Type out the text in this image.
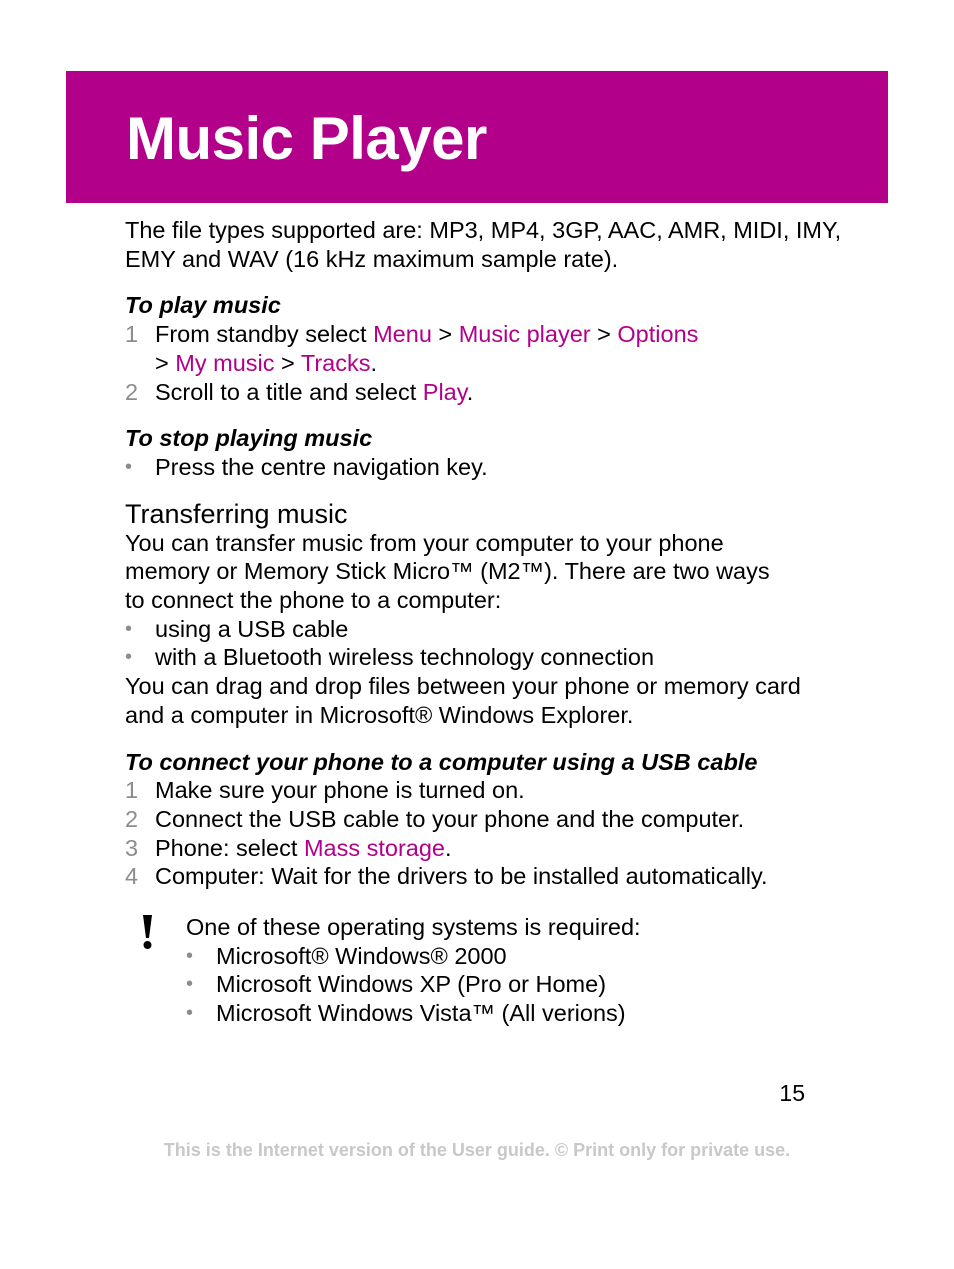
Music Player

The file types supported are: MP3, MP4, 3GP, AAC, AMR, MIDI, IMY, EMY and WAV (16 kHz maximum sample rate).

To play music

1 From standby select Menu > Music player > Options
> My music > Tracks.
2 Scroll to a title and select Play.

To stop playing music

• Press the centre navigation key.

Transferring music

You can transfer music from your computer to your phone memory or Memory Stick Micro™ (M2™). There are two ways to connect the phone to a computer:

• using a USB cable
• with a Bluetooth wireless technology connection

You can drag and drop files between your phone or memory card and a computer in Microsoft® Windows Explorer.

To connect your phone to a computer using a USB cable

1 Make sure your phone is turned on.
2 Connect the USB cable to your phone and the computer.
3 Phone: select Mass storage.
4 Computer: Wait for the drivers to be installed automatically.

One of these operating systems is required:

• Microsoft® Windows® 2000
• Microsoft Windows XP (Pro or Home)
• Microsoft Windows Vista™ (All verions)
15
This is the Internet version of the User guide. © Print only for private use.
